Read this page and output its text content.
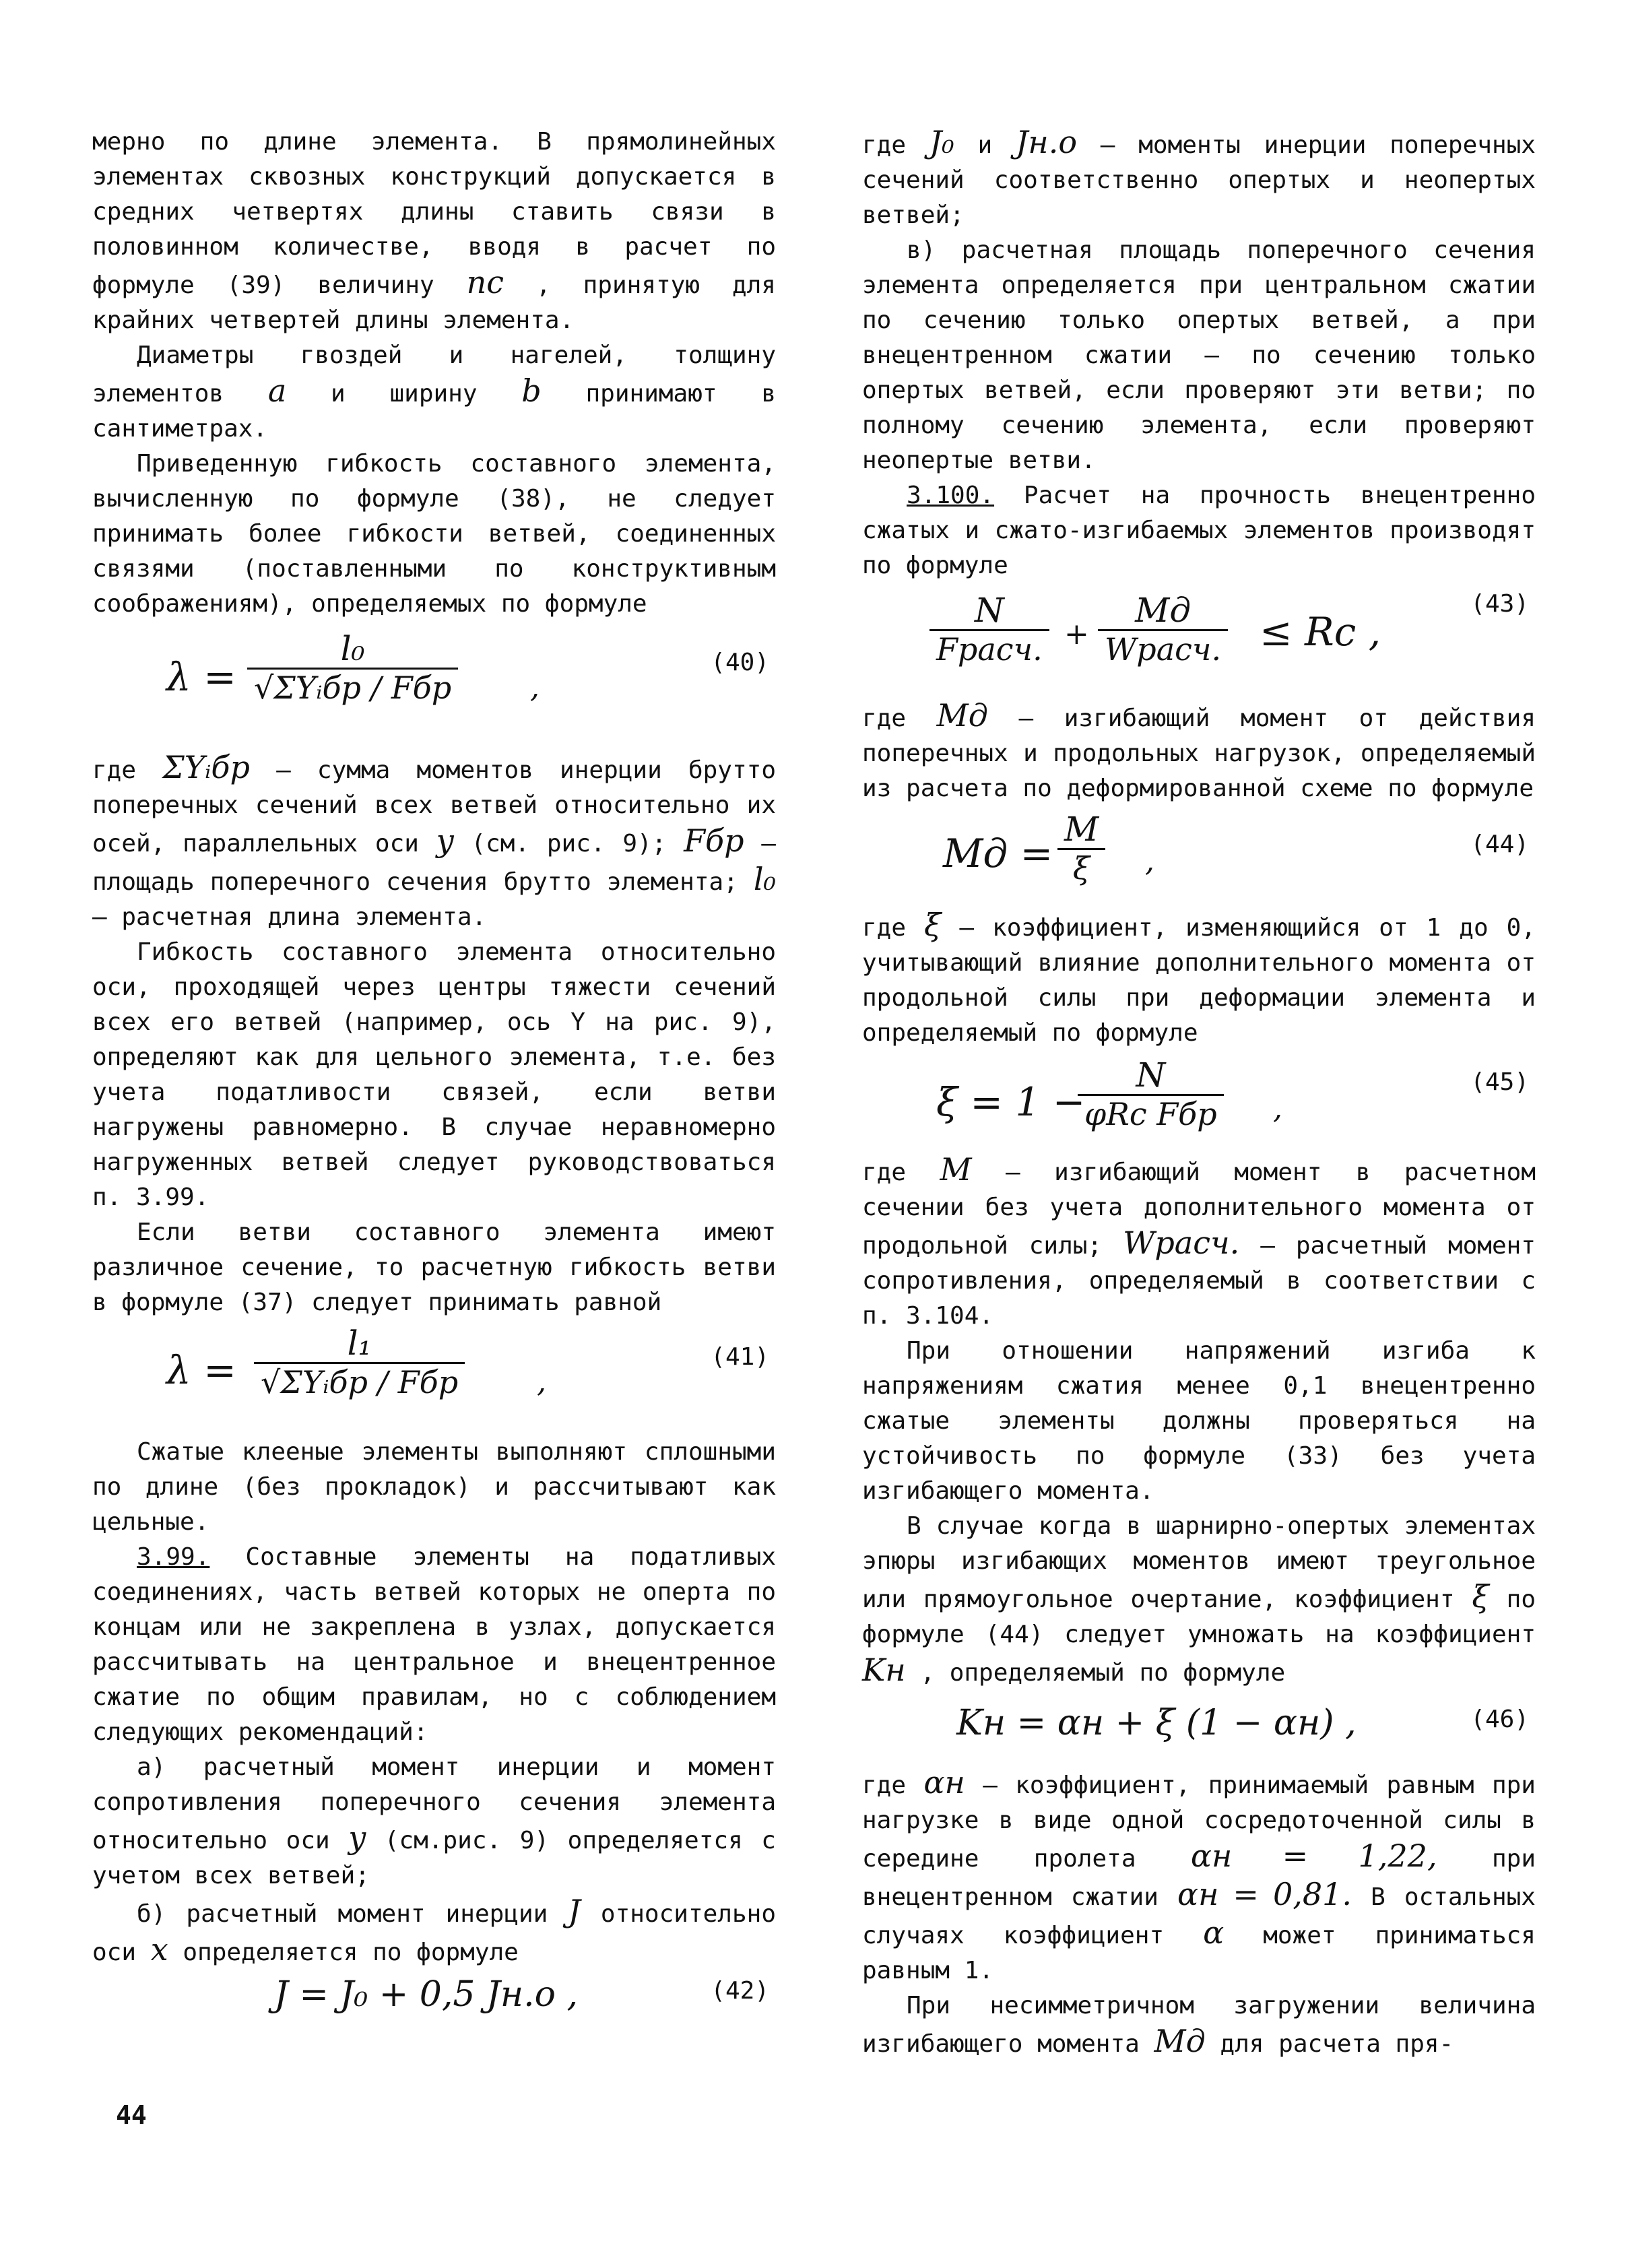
мерно по длине элемента. В прямолинейных элементах сквозных конструкций допускается в средних четвертях длины ставить связи в половинном количестве, вводя в расчет по формуле (39) величину nс , принятую для крайних четвертей длины элемента.

Диаметры гвоздей и нагелей, толщину элементов a и ширину b принимают в сантиметрах.

Приведенную гибкость составного элемента, вычисленную по формуле (38), не следует принимать более гибкости ветвей, соединенных связями (поставленными по конструктивным соображениям), определяемых по формуле

λ =
l₀
√ΣYᵢбр / Fбр	,
(40)

где ΣYᵢбр – сумма моментов инерции брутто поперечных сечений всех ветвей относительно их осей, параллельных оси y (см. рис. 9); Fбр – площадь поперечного сечения брутто элемента; l₀ – расчетная длина элемента.

Гибкость составного элемента относительно оси, проходящей через центры тяжести сечений всех его ветвей (например, ось Y на рис. 9), определяют как для цельного элемента, т.е. без учета податливости связей, если ветви нагружены равномерно. В случае неравномерно нагруженных ветвей следует руководствоваться п. 3.99.

Если ветви составного элемента имеют различное сечение, то расчетную гибкость ветви в формуле (37) следует принимать равной

λ =
l₁
√ΣYᵢбр / Fбр	,
(41)

Сжатые клееные элементы выполняют сплошными по длине (без прокладок) и рассчитывают как цельные.

3.99. Составные элементы на податливых соединениях, часть ветвей которых не оперта по концам или не закреплена в узлах, допускается рассчитывать на центральное и внецентренное сжатие по общим правилам, но с соблюдением следующих рекомендаций:

а) расчетный момент инерции и момент сопротивления поперечного сечения элемента относительно оси y (см.рис. 9) определяется с учетом всех ветвей;

б) расчетный момент инерции J относительно оси x определяется по формуле

J = J₀ + 0,5 Jн.о ,	(42)

где J₀ и Jн.о – моменты инерции поперечных сечений соответственно опертых и неопертых ветвей;

в) расчетная площадь поперечного сечения элемента определяется при центральном сжатии по сечению только опертых ветвей, а при внецентренном сжатии – по сечению только опертых ветвей, если проверяют эти ветви; по полному сечению элемента, если проверяют неопертые ветви.

3.100. Расчет на прочность внецентренно сжатых и сжато-изгибаемых элементов производят по формуле

N
Fрасч. +
Mд
Wрасч. ≤ Rс ,
(43)

где Mд – изгибающий момент от действия поперечных и продольных нагрузок, определяемый из расчета по деформированной схеме по формуле

Mд = $\frac{M}{\xi}$ ,	(44)

где ξ – коэффициент, изменяющийся от 1 до 0, учитывающий влияние дополнительного момента от продольной силы при деформации элемента и определяемый по формуле

ξ = 1 −
N
φRс Fбр ,
(45)

где M – изгибающий момент в расчетном сечении без учета дополнительного момента от продольной силы; Wрасч. – расчетный момент сопротивления, определяемый в соответствии с п. 3.104.

При отношении напряжений изгиба к напряжениям сжатия менее 0,1 внецентренно сжатые элементы должны проверяться на устойчивость по формуле (33) без учета изгибающего момента.

В случае когда в шарнирно-опертых элементах эпюры изгибающих моментов имеют треугольное или прямоугольное очертание, коэффициент ξ по формуле (44) следует умножать на коэффициент Kн , определяемый по формуле

Kн = αн + ξ (1 − αн) ,	(46)

где αн – коэффициент, принимаемый равным при нагрузке в виде одной сосредоточенной силы в середине пролета αн = 1,22, при внецентренном сжатии αн = 0,81. В остальных случаях коэффициент α может приниматься равным 1.

При несимметричном загружении величина изгибающего момента Mд для расчета пря-

44
